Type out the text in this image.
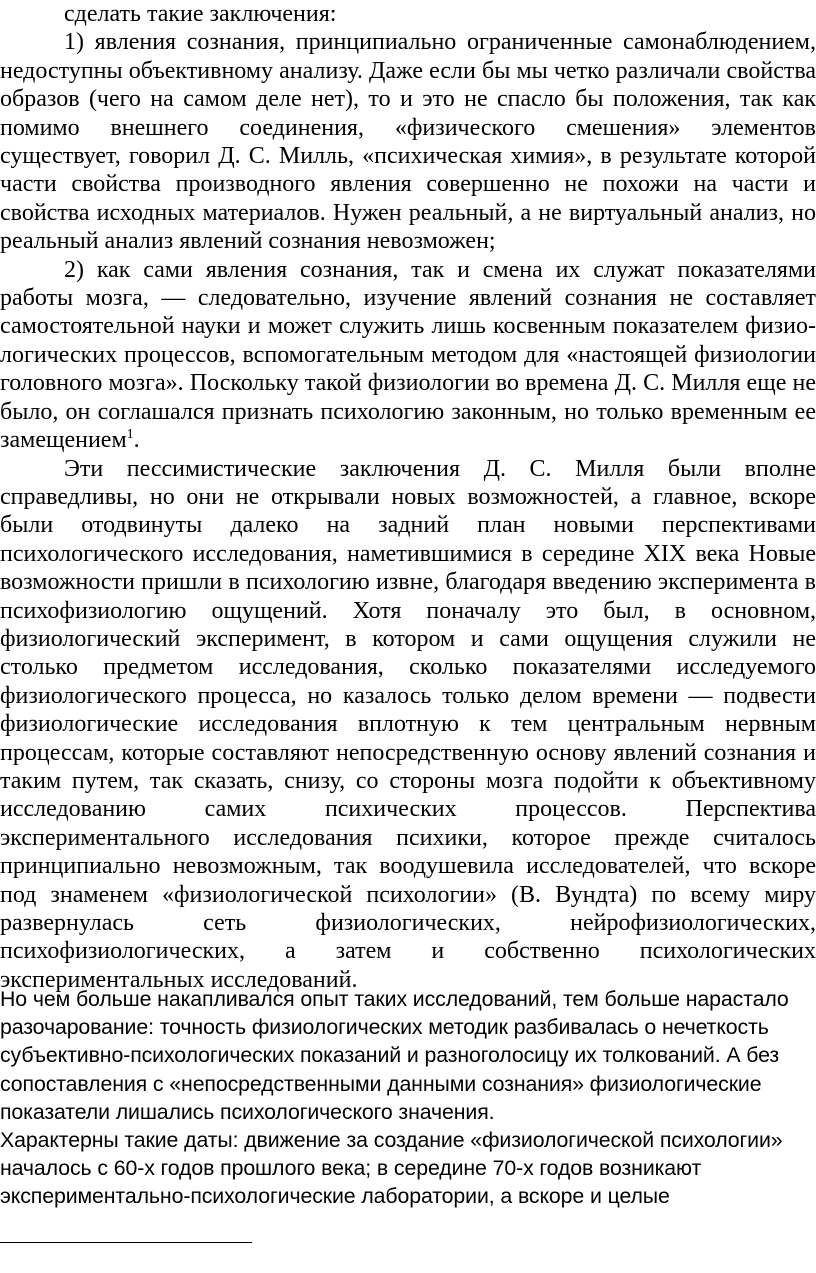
сделать такие заключения:

1) явления сознания, принципиально ограниченные самонаблюдением, недоступны объективному анализу. Даже если бы мы четко различали свойства образов (чего на самом деле нет), то и это не спасло бы положения, так как помимо внешнего соединения, «физического смешения» элементов существует, говорил Д. С. Милль, «психическая химия», в результате которой части свойства производного явления совершенно не похожи на части и свойства исходных материалов. Нужен реальный, а не виртуальный анализ, но реальный анализ явлений сознания невозможен;

2) как сами явления сознания, так и смена их служат показателями работы мозга, — следовательно, изучение явлений сознания не составляет самостоятельной науки и может служить лишь косвенным показателем физиологических процессов, вспомогательным методом для «настоящей физиологии головного мозга». Поскольку такой физиологии во времена Д. С. Милля еще не было, он соглашался признать психологию законным, но только временным ее замещением$^1$.

Эти пессимистические заключения Д. С. Милля были вполне справедливы, но они не открывали новых возможностей, а главное, вскоре были отодвинуты далеко на задний план новыми перспективами психологического исследования, наметившимися в середине XIX века Новые возможности пришли в психологию извне, благодаря введению эксперимента в психофизиологию ощущений. Хотя поначалу это был, в основном, физиологический эксперимент, в котором и сами ощущения служили не столько предметом исследования, сколько показателями исследуемого физиологического процесса, но казалось только делом времени — подвести физиологические исследования вплотную к тем центральным нервным процессам, которые составляют непосредственную основу явлений сознания и таким путем, так сказать, снизу, со стороны мозга подойти к объективному исследованию самих психических процессов. Перспектива экспериментального исследования психики, которое прежде считалось принципиально невозможным, так воодушевила исследователей, что вскоре под знаменем «физиологической психологии» (В. Вундта) по всему миру развернулась сеть физиологических, нейрофизиологических, психофизиологических, а затем и собственно психологических экспериментальных исследований.

Но чем больше накапливался опыт таких исследований, тем больше нарастало разочарование: точность физиологических методик разбивалась о нечеткость субъективно-психологических показаний и разноголосицу их толкований. А без сопоставления с «непосредственными данными сознания» физиологические показатели лишались психологического значения.

Характерны такие даты: движение за создание «физиологической психологии» началось с 60-х годов прошлого века; в середине 70-х годов возникают экспериментально-психологические лаборатории, а вскоре и целые
